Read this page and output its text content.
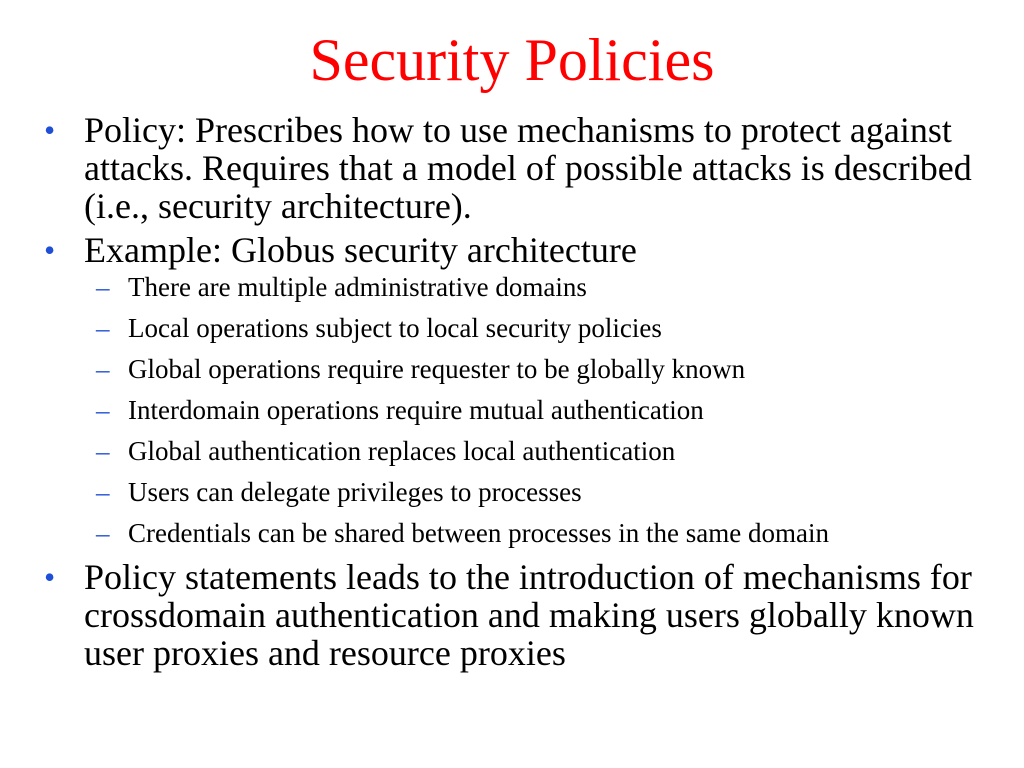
Security Policies
• Policy: Prescribes how to use mechanisms to protect against attacks. Requires that a model of possible attacks is described (i.e., security architecture).
• Example: Globus security architecture
– There are multiple administrative domains
– Local operations subject to local security policies
– Global operations require requester to be globally known
– Interdomain operations require mutual authentication
– Global authentication replaces local authentication
– Users can delegate privileges to processes
– Credentials can be shared between processes in the same domain
• Policy statements leads to the introduction of mechanisms for crossdomain authentication and making users globally known user proxies and resource proxies
